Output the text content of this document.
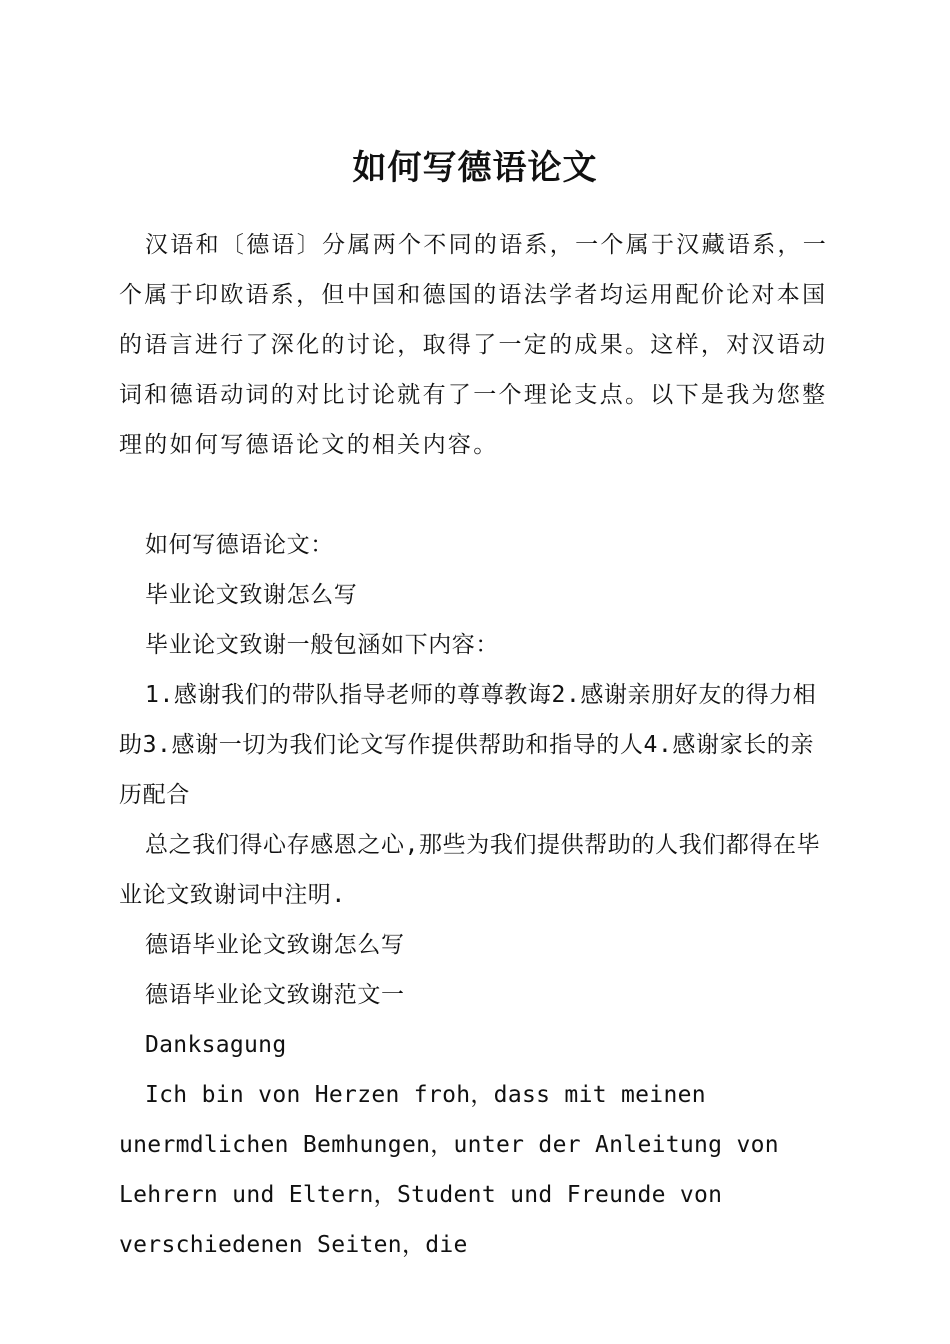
如何写德语论文

汉语和〔德语〕分属两个不同的语系，一个属于汉藏语系，一个属于印欧语系，但中国和德国的语法学者均运用配价论对本国的语言进行了深化的讨论，取得了一定的成果。这样，对汉语动词和德语动词的对比讨论就有了一个理论支点。以下是我为您整理的如何写德语论文的相关内容。

如何写德语论文：

毕业论文致谢怎么写

毕业论文致谢一般包涵如下内容：

1.感谢我们的带队指导老师的尊尊教诲2.感谢亲朋好友的得力相助3.感谢一切为我们论文写作提供帮助和指导的人4.感谢家长的亲历配合

总之我们得心存感恩之心,那些为我们提供帮助的人我们都得在毕业论文致谢词中注明.

德语毕业论文致谢怎么写

德语毕业论文致谢范文一

Danksagung

Ich bin von Herzen froh，dass mit meinen unermdlichen Bemhungen，unter der Anleitung von Lehrern und Eltern，Student und Freunde von verschiedenen Seiten，die
